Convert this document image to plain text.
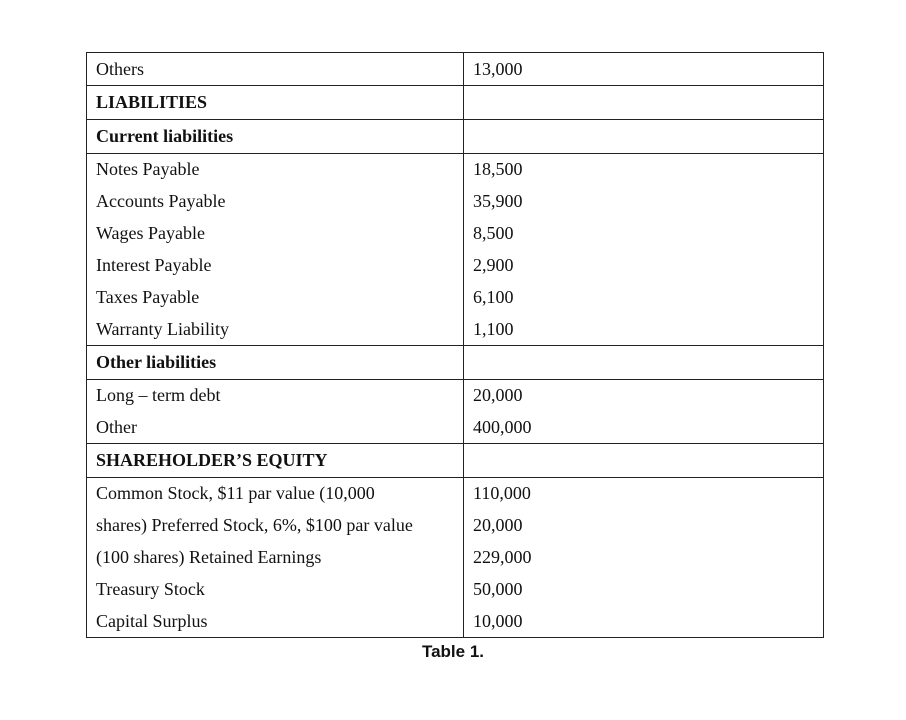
Others	13,000
LIABILITIES
Current liabilities
Notes Payable	18,500
Accounts Payable	35,900
Wages Payable	8,500
Interest Payable	2,900
Taxes Payable	6,100
Warranty Liability	1,100
Other liabilities
Long – term debt	20,000
Other	400,000
SHAREHOLDER’S EQUITY
Common Stock, $11 par value (10,000	110,000
shares) Preferred Stock, 6%, $100 par value	20,000
(100 shares) Retained Earnings	229,000
Treasury Stock	50,000
Capital Surplus	10,000
Table 1.
